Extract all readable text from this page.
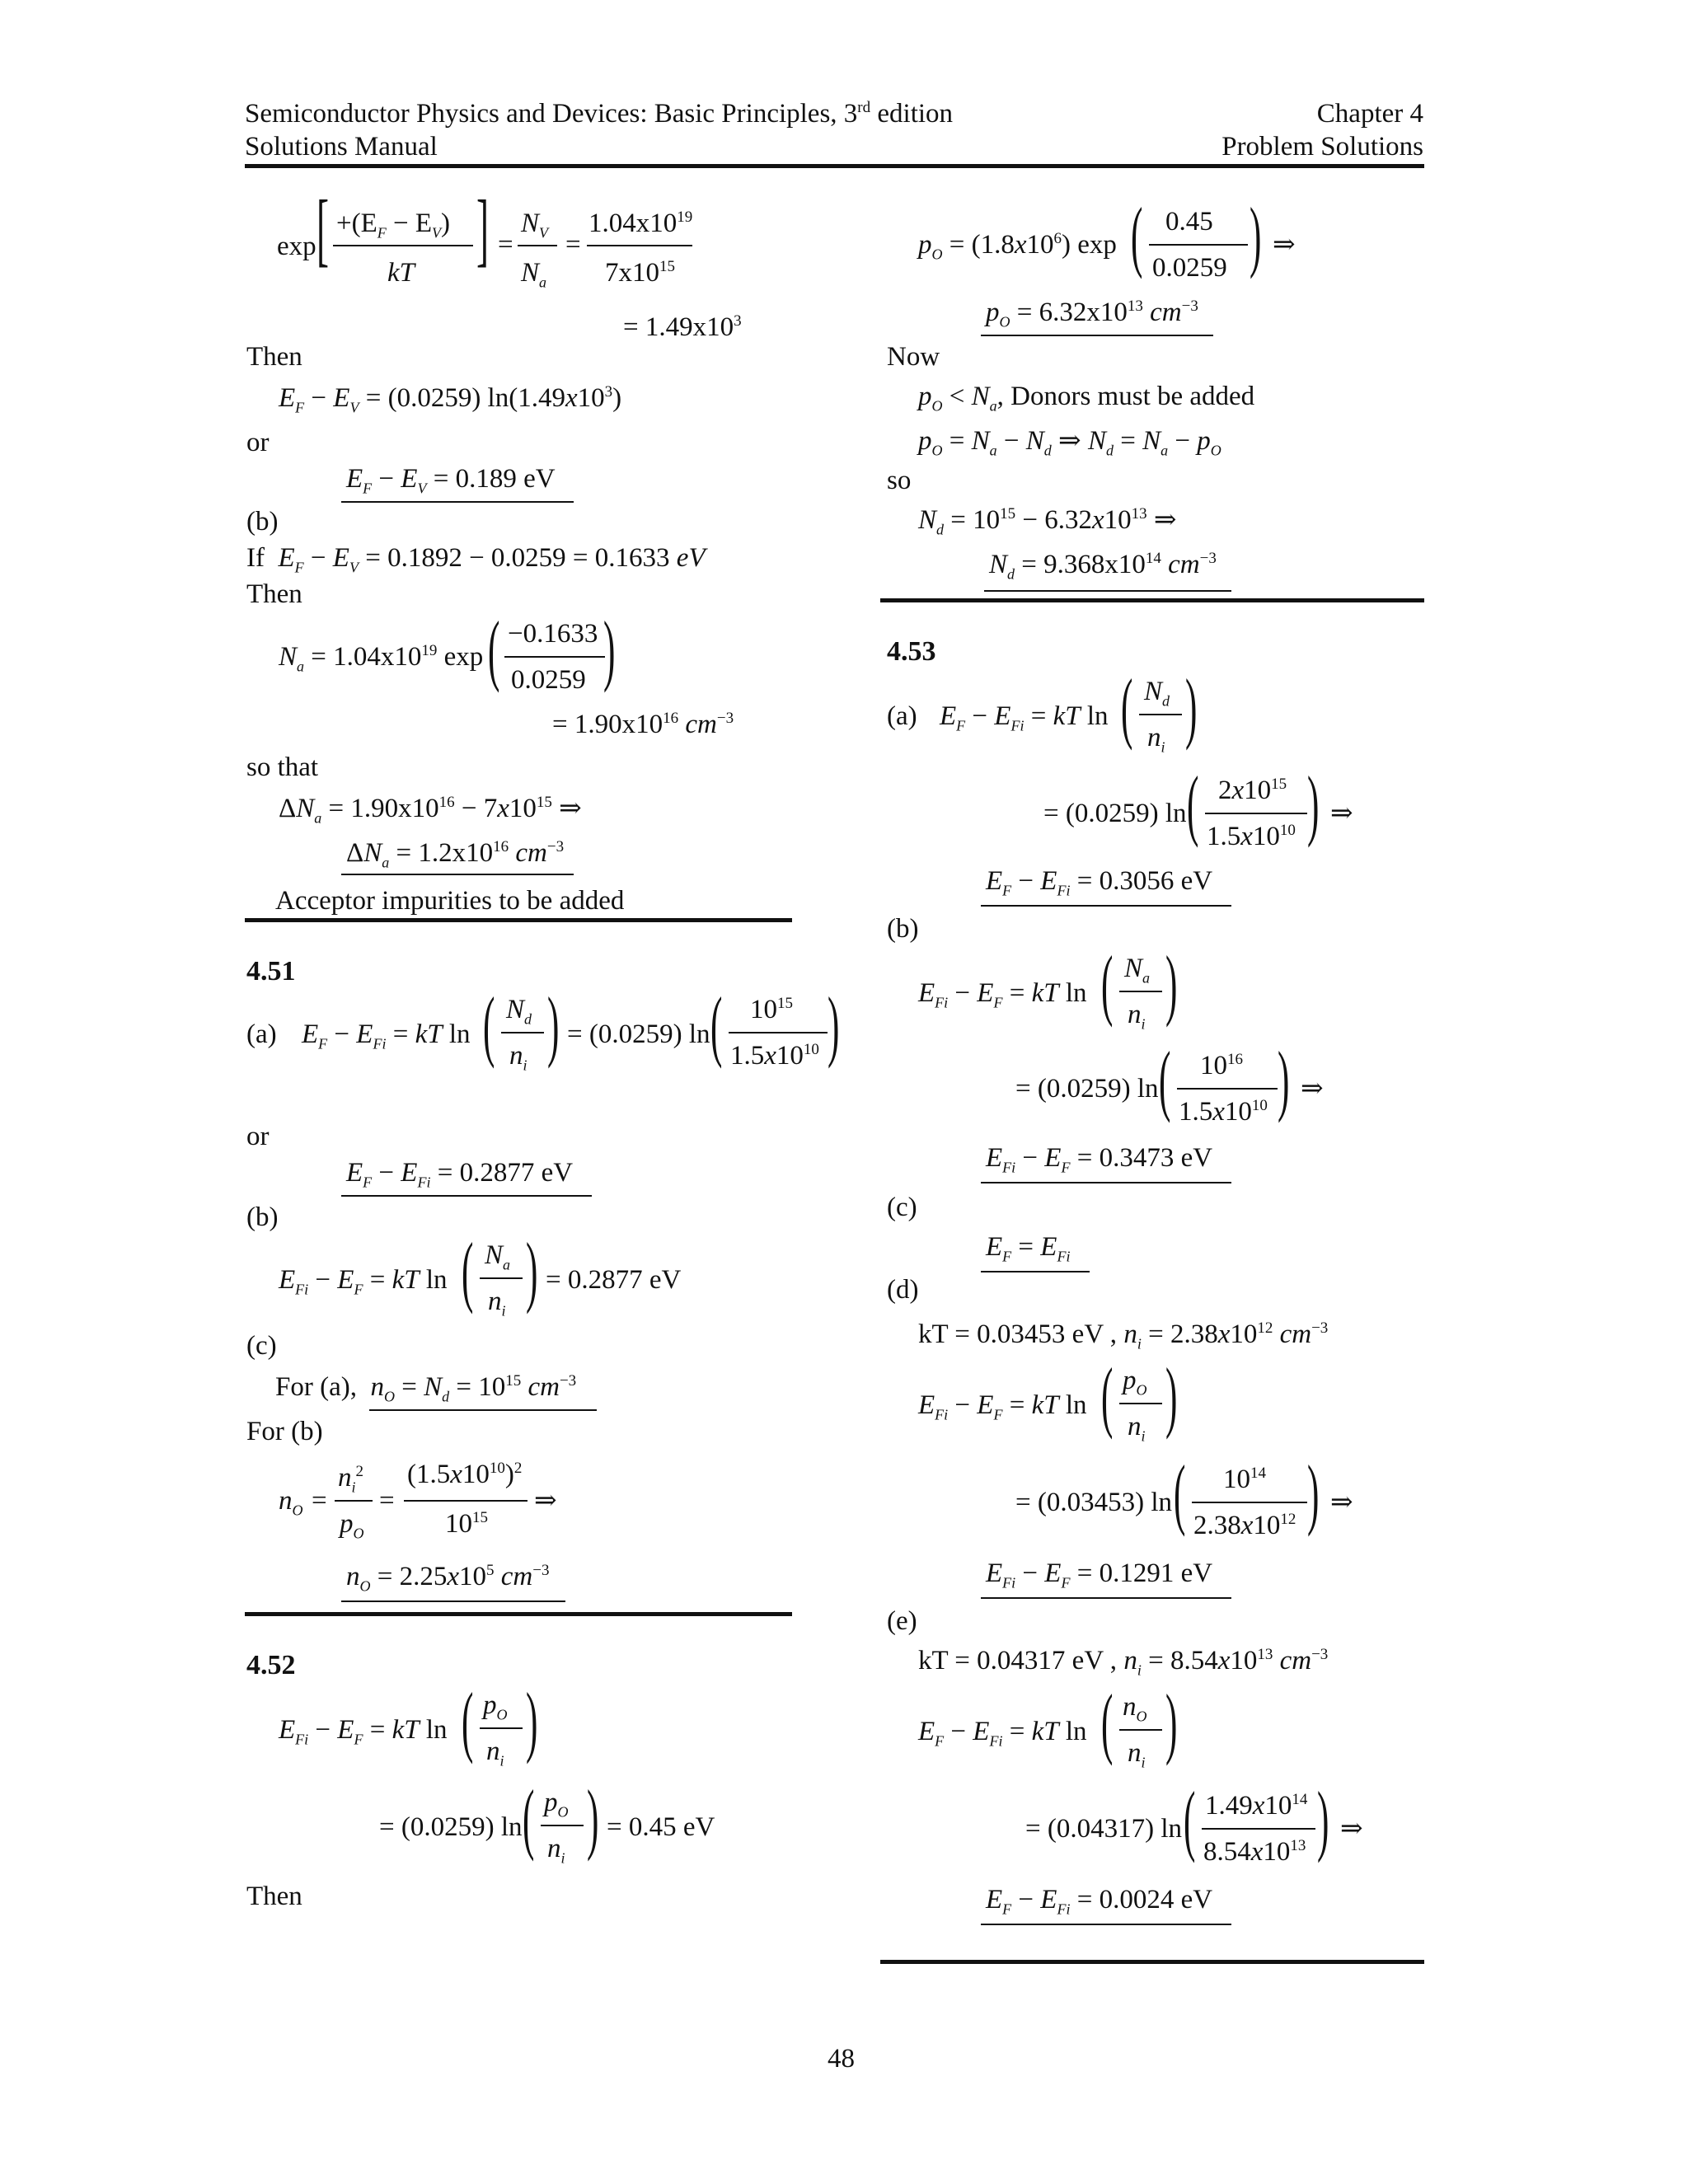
Semiconductor Physics and Devices: Basic Principles, 3rd edition	Chapter 4
Solutions Manual	Problem Solutions
exp [ $+(E_F - E_V)$
kT ] =
$N_V$
$N_a$
=
$1.04x10^{19}$
$7x10^{15}$
= $1.49x10^3$
Then
$E_F - E_V = (0.0259)$ $\ln(1.49x10^3)$
or
$E_F - E_V = 0.189$ eV
(b)
If $E_F - E_V = 0.1892 - 0.0259 = 0.1633$ eV
Then
$N_a = 1.04x10^{19}$ exp ( −0.1633
0.0259 )
= $1.90x10^{16}$ $cm^{-3}$
so that
$\Delta N_a = 1.90x10^{16} - 7x10^{15}$ ⇒
$\Delta N_a = 1.2x10^{16}$ $cm^{-3}$
Acceptor impurities to be added
4.51
(a) $E_F - E_{Fi}$ = kT ln ( $N_d$
$n_i$ ) = (0.0259) ln ( $10^{15}$
$1.5x10^{10}$ )
or
$E_F - E_{Fi} = 0.2877$ eV
(b)
$E_{Fi} - E_F$ = kT ln ( $N_a$
$n_i$ ) = 0.2877 eV
(c)
For (a), $n_O = N_d = 10^{15}$ $cm^{-3}$
For (b)
$n_O$ =
$n_i^2$
$p_O$
=
$(1.5x10^{10})^2$
$10^{15}$
⇒
$n_O = 2.25x10^5$ $cm^{-3}$
4.52
$E_{Fi} - E_F$ = kT ln ( $p_O$
$n_i$ )
= (0.0259) ln ( $p_O$
$n_i$ ) = 0.45 eV
Then
$p_O = (1.8x10^6)$ exp ( 0.45
0.0259 ) ⇒
$p_O = 6.32x10^{13}$ $cm^{-3}$
Now
$p_O < N_a$, Donors must be added
$p_O = N_a - N_d$ ⇒ $N_d = N_a - p_O$
so
$N_d = 10^{15} - 6.32x10^{13}$ ⇒
$N_d = 9.368x10^{14}$ $cm^{-3}$
4.53
(a) $E_F - E_{Fi}$ = kT ln ( $N_d$
$n_i$ )
= (0.0259) ln ( $2x10^{15}$
$1.5x10^{10}$ ) ⇒
$E_F - E_{Fi} = 0.3056$ eV
(b)
$E_{Fi} - E_F$ = kT ln ( $N_a$
$n_i$ )
= (0.0259) ln ( $10^{16}$
$1.5x10^{10}$ ) ⇒
$E_{Fi} - E_F = 0.3473$ eV
(c)
$E_F = E_{Fi}$
(d)
kT = 0.03453 eV , $n_i = 2.38x10^{12}$ $cm^{-3}$
$E_{Fi} - E_F$ = kT ln ( $p_O$
$n_i$ )
= (0.03453) ln ( $10^{14}$
$2.38x10^{12}$ ) ⇒
$E_{Fi} - E_F = 0.1291$ eV
(e)
kT = 0.04317 eV , $n_i = 8.54x10^{13}$ $cm^{-3}$
$E_F - E_{Fi}$ = kT ln ( $n_O$
$n_i$ )
= (0.04317) ln ( $1.49x10^{14}$
$8.54x10^{13}$ ) ⇒
$E_F - E_{Fi} = 0.0024$ eV
48
